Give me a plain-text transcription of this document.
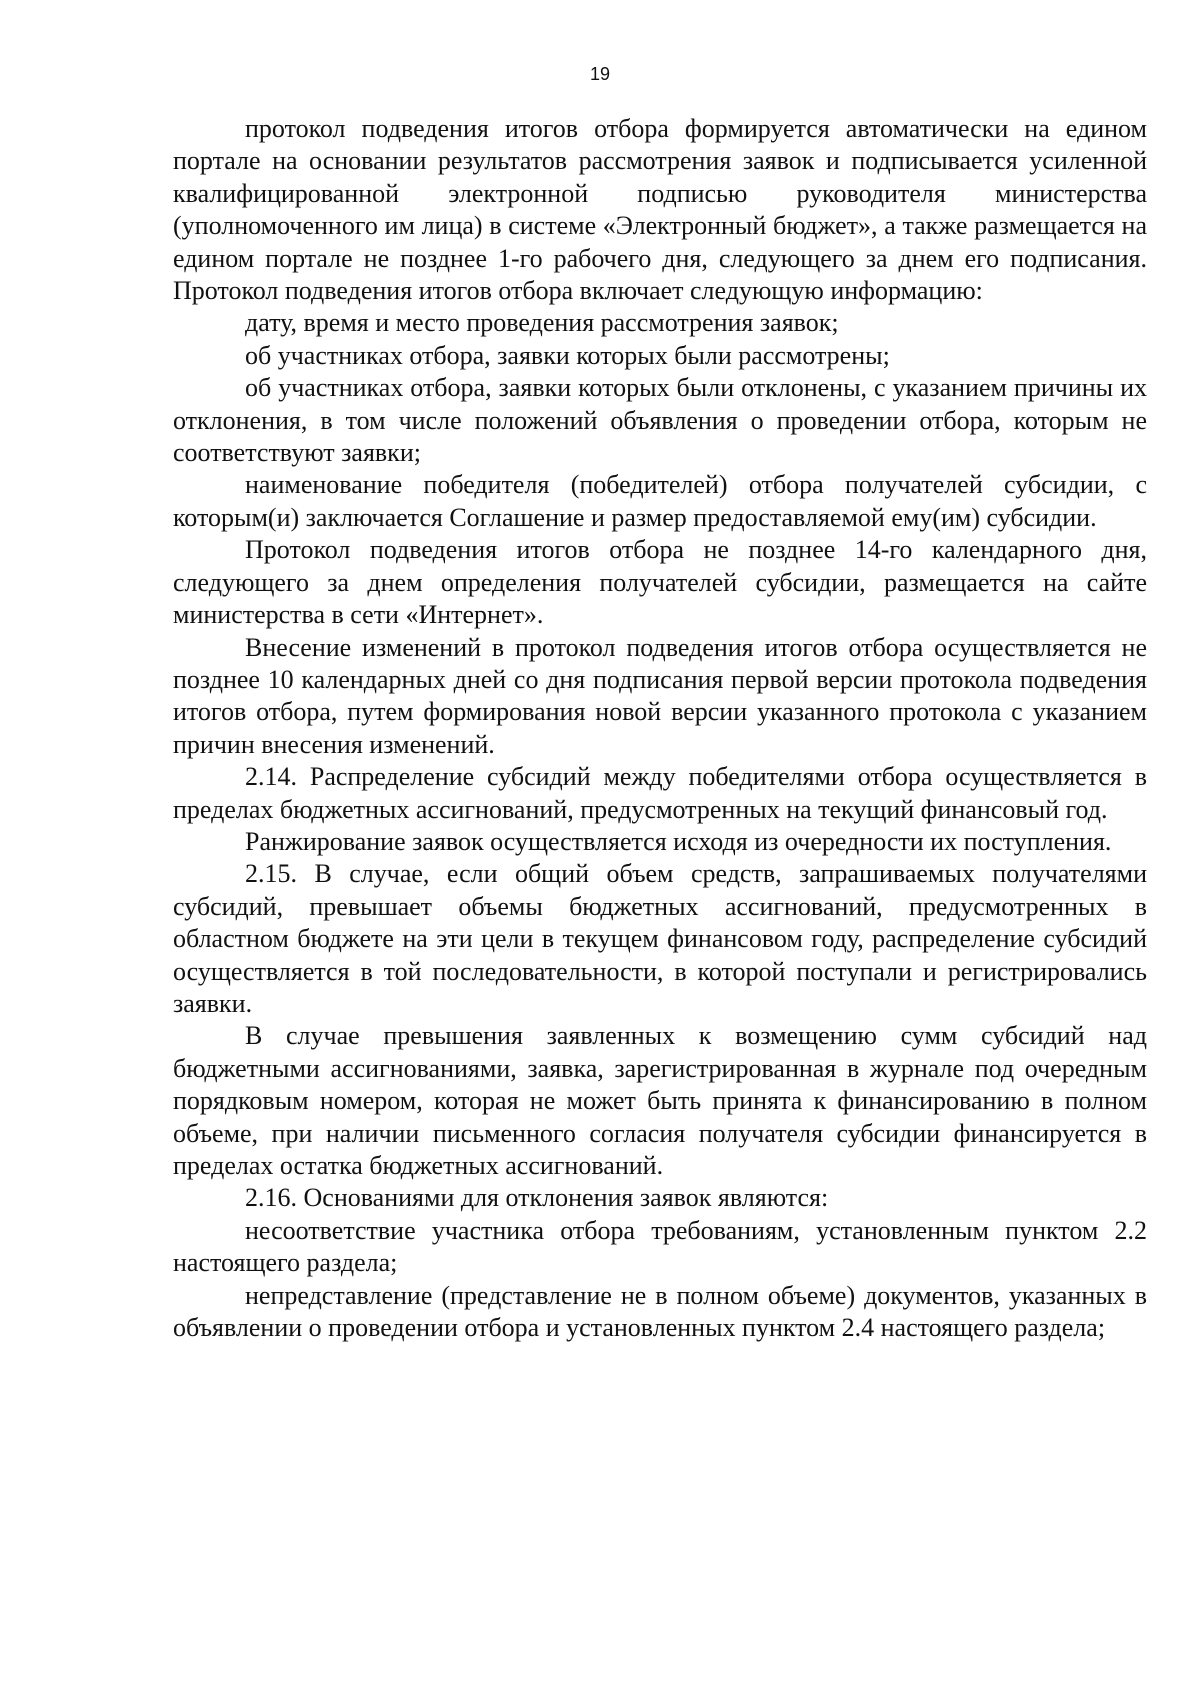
19

протокол подведения итогов отбора формируется автоматически на едином портале на основании результатов рассмотрения заявок и подписывается усиленной квалифицированной электронной подписью руководителя министерства (уполномоченного им лица) в системе «Электронный бюджет», а также размещается на едином портале не позднее 1-го рабочего дня, следующего за днем его подписания. Протокол подведения итогов отбора включает следующую информацию:

дату, время и место проведения рассмотрения заявок;

об участниках отбора, заявки которых были рассмотрены;

об участниках отбора, заявки которых были отклонены, с указанием причины их отклонения, в том числе положений объявления о проведении отбора, которым не соответствуют заявки;

наименование победителя (победителей) отбора получателей субсидии, с которым(и) заключается Соглашение и размер предоставляемой ему(им) субсидии.

Протокол подведения итогов отбора не позднее 14-го календарного дня, следующего за днем определения получателей субсидии, размещается на сайте министерства в сети «Интернет».

Внесение изменений в протокол подведения итогов отбора осуществляется не позднее 10 календарных дней со дня подписания первой версии протокола подведения итогов отбора, путем формирования новой версии указанного протокола с указанием причин внесения изменений.

2.14. Распределение субсидий между победителями отбора осуществляется в пределах бюджетных ассигнований, предусмотренных на текущий финансовый год.

Ранжирование заявок осуществляется исходя из очередности их поступления.

2.15. В случае, если общий объем средств, запрашиваемых получателями субсидий, превышает объемы бюджетных ассигнований, предусмотренных в областном бюджете на эти цели в текущем финансовом году, распределение субсидий осуществляется в той последовательности, в которой поступали и регистрировались заявки.

В случае превышения заявленных к возмещению сумм субсидий над бюджетными ассигнованиями, заявка, зарегистрированная в журнале под очередным порядковым номером, которая не может быть принята к финансированию в полном объеме, при наличии письменного согласия получателя субсидии финансируется в пределах остатка бюджетных ассигнований.

2.16. Основаниями для отклонения заявок являются:

несоответствие участника отбора требованиям, установленным пунктом 2.2 настоящего раздела;

непредставление (представление не в полном объеме) документов, указанных в объявлении о проведении отбора и установленных пунктом 2.4 настоящего раздела;
